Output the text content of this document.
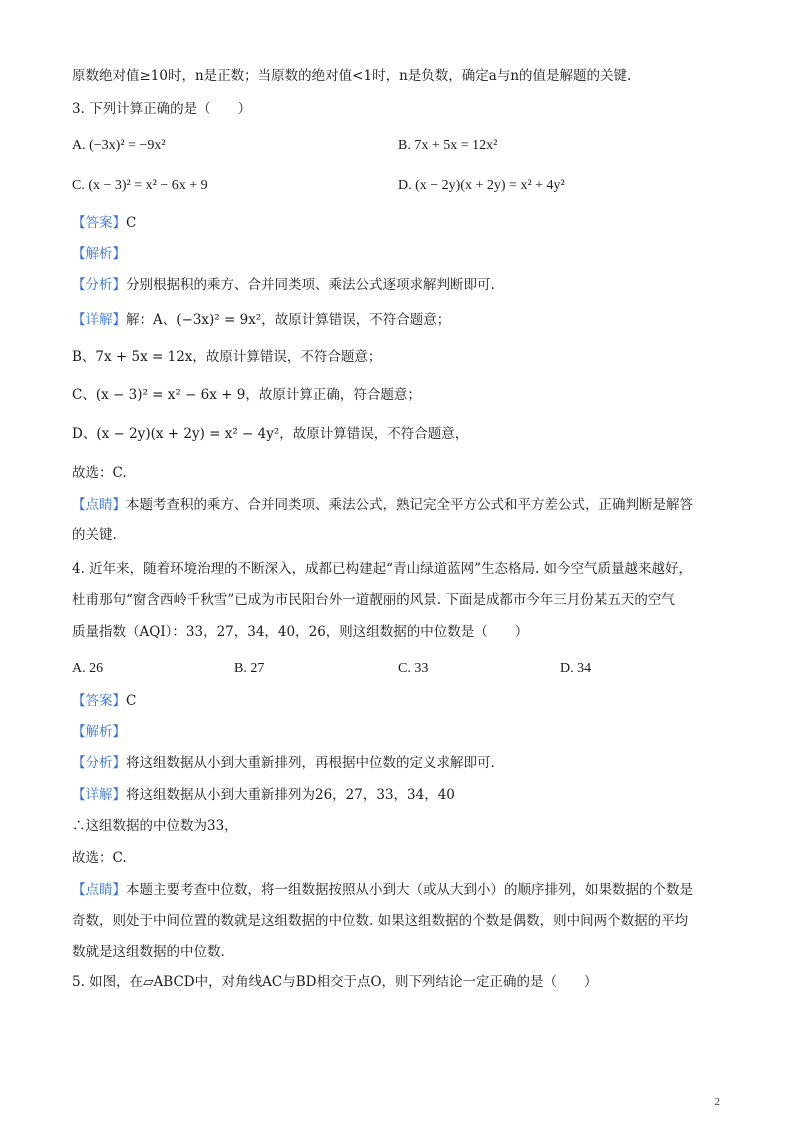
原数绝对值≥10时，n是正数；当原数的绝对值<1时，n是负数，确定a与n的值是解题的关键.
3. 下列计算正确的是（　　）
A. (−3x)² = −9x²	B. 7x + 5x = 12x²
C. (x − 3)² = x² − 6x + 9	D. (x − 2y)(x + 2y) = x² + 4y²
【答案】C
【解析】
【分析】分别根据积的乘方、合并同类项、乘法公式逐项求解判断即可.
【详解】解：A、(−3x)² = 9x²，故原计算错误，不符合题意；
B、7x + 5x = 12x，故原计算错误，不符合题意；
C、(x − 3)² = x² − 6x + 9，故原计算正确，符合题意；
D、(x − 2y)(x + 2y) = x² − 4y²，故原计算错误，不符合题意，
故选：C.
【点睛】本题考查积的乘方、合并同类项、乘法公式，熟记完全平方公式和平方差公式，正确判断是解答
的关键.
4. 近年来，随着环境治理的不断深入，成都已构建起“青山绿道蓝网”生态格局. 如今空气质量越来越好，
杜甫那句“窗含西岭千秋雪”已成为市民阳台外一道靓丽的风景. 下面是成都市今年三月份某五天的空气
质量指数（AQI）：33，27，34，40，26，则这组数据的中位数是（　　）
A. 26	B. 27	C. 33	D. 34
【答案】C
【解析】
【分析】将这组数据从小到大重新排列，再根据中位数的定义求解即可.
【详解】将这组数据从小到大重新排列为26，27，33，34，40
∴这组数据的中位数为33，
故选：C.
【点睛】本题主要考查中位数，将一组数据按照从小到大（或从大到小）的顺序排列，如果数据的个数是
奇数，则处于中间位置的数就是这组数据的中位数. 如果这组数据的个数是偶数，则中间两个数据的平均
数就是这组数据的中位数.
5. 如图，在▱ABCD中，对角线AC与BD相交于点O，则下列结论一定正确的是（　　）
2
